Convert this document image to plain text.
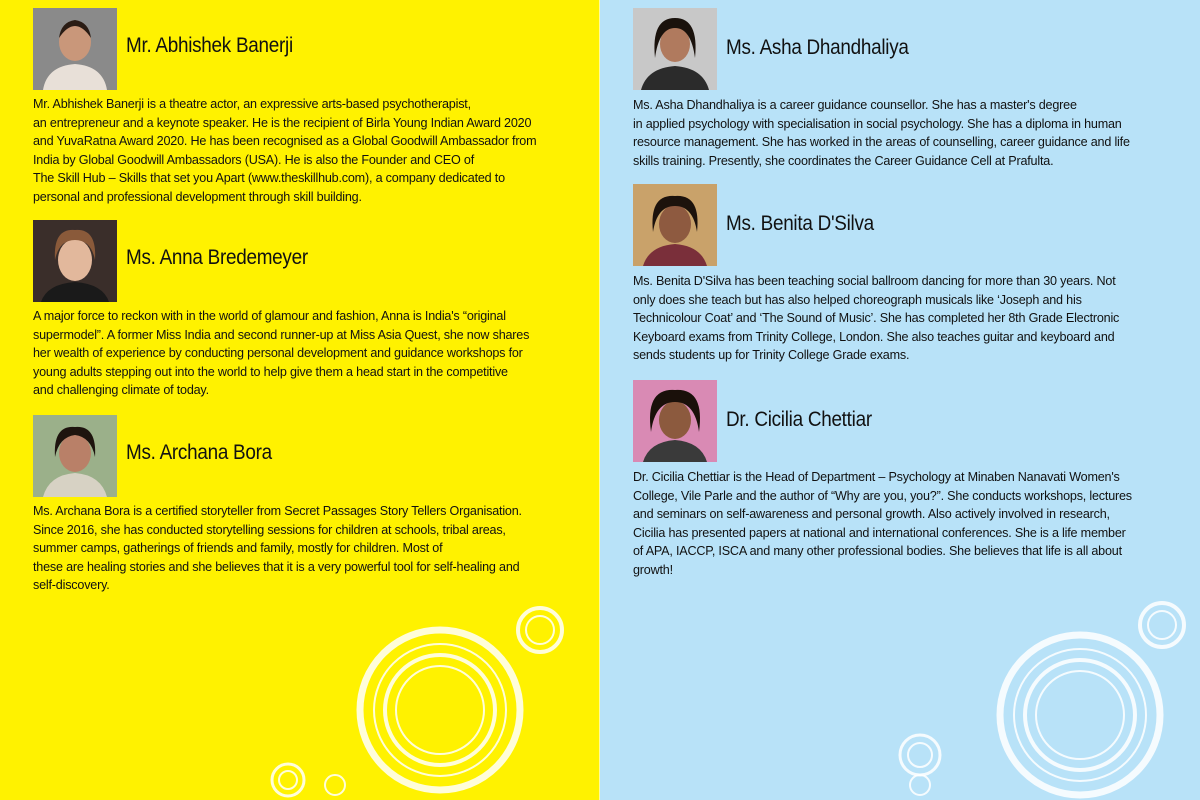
Mr. Abhishek Banerji
Mr. Abhishek Banerji is a theatre actor, an expressive arts-based psychotherapist,
an entrepreneur and a keynote speaker. He is the recipient of Birla Young Indian Award 2020
and YuvaRatna Award 2020. He has been recognised as a Global Goodwill Ambassador from
India by Global Goodwill Ambassadors (USA). He is also the Founder and CEO of
The Skill Hub – Skills that set you Apart (www.theskillhub.com), a company dedicated to
personal and professional development through skill building.
Ms. Anna Bredemeyer
A major force to reckon with in the world of glamour and fashion, Anna is India's “original
supermodel”. A former Miss India and second runner-up at Miss Asia Quest, she now shares
her wealth of experience by conducting personal development and guidance workshops for
young adults stepping out into the world to help give them a head start in the competitive
and challenging climate of today.
Ms. Archana Bora
Ms. Archana Bora is a certified storyteller from Secret Passages Story Tellers Organisation.
Since 2016, she has conducted storytelling sessions for children at schools, tribal areas,
summer camps, gatherings of friends and family, mostly for children. Most of
these are healing stories and she believes that it is a very powerful tool for self-healing and
self-discovery.
Ms. Asha Dhandhaliya
Ms. Asha Dhandhaliya is a career guidance counsellor. She has a master's degree
in applied psychology with specialisation in social psychology. She has a diploma in human
resource management. She has worked in the areas of counselling, career guidance and life
skills training. Presently, she coordinates the Career Guidance Cell at Prafulta.
Ms. Benita D'Silva
Ms. Benita D'Silva has been teaching social ballroom dancing for more than 30 years. Not
only does she teach but has also helped choreograph musicals like ‘Joseph and his
Technicolour Coat’ and ‘The Sound of Music’. She has completed her 8th Grade Electronic
Keyboard exams from Trinity College, London. She also teaches guitar and keyboard and
sends students up for Trinity College Grade exams.
Dr. Cicilia Chettiar
Dr. Cicilia Chettiar is the Head of Department – Psychology at Minaben Nanavati Women's
College, Vile Parle and the author of “Why are you, you?”. She conducts workshops, lectures
and seminars on self-awareness and personal growth. Also actively involved in research,
Cicilia has presented papers at national and international conferences. She is a life member
of APA, IACCP, ISCA and many other professional bodies. She believes that life is all about
growth!
